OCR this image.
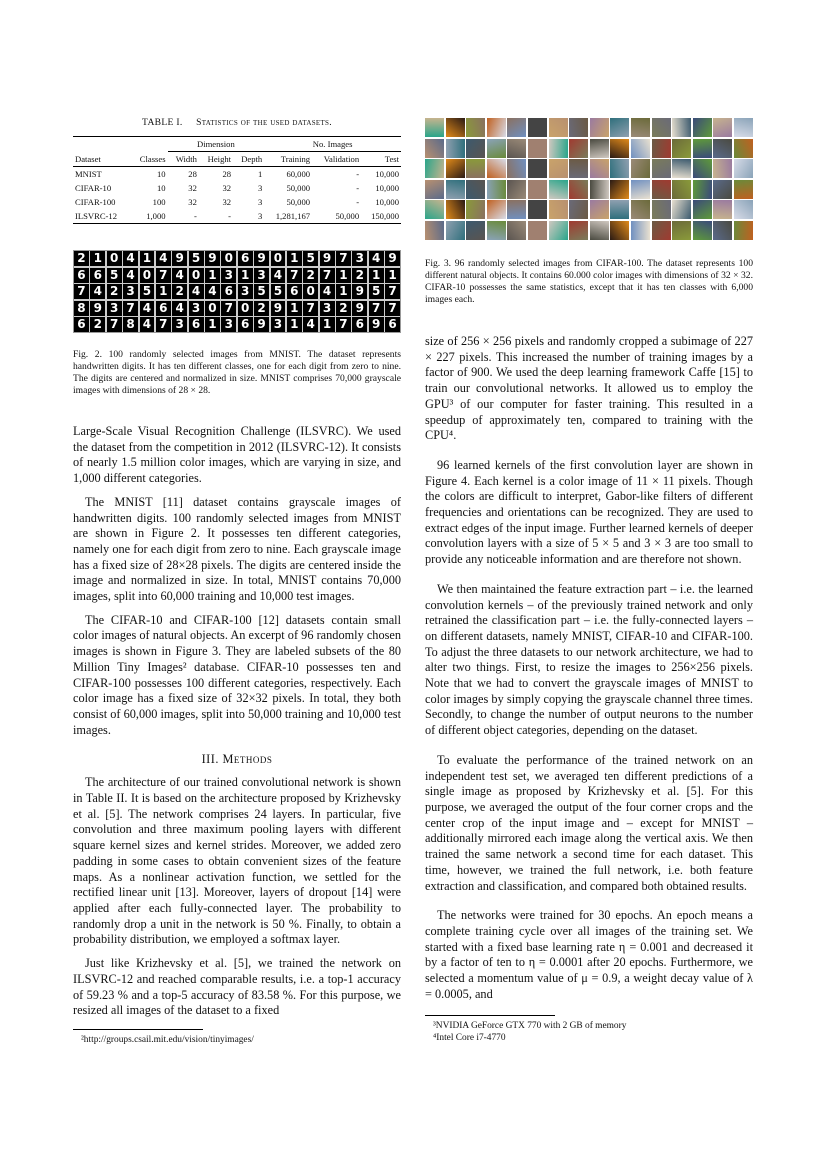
TABLE I. Statistics of the used datasets.
		Dimension			No. Images		
Dataset	Classes	Width	Height	Depth	Training	Validation	Test
MNIST	10	28	28	1	60,000	-	10,000
CIFAR-10	10	32	32	3	50,000	-	10,000
CIFAR-100	100	32	32	3	50,000	-	10,000
ILSVRC-12	1,000	-	-	3	1,281,167	50,000	150,000
2 1 0 4 1 4 9 5 9 0 6 9 0 1 5 9 7 3 4 9
6 6 5 4 0 7 4 0 1 3 1 3 4 7 2 7 1 2 1 1
7 4 2 3 5 1 2 4 4 6 3 5 5 6 0 4 1 9 5 7
8 9 3 7 4 6 4 3 0 7 0 2 9 1 7 3 2 9 7 7
6 2 7 8 4 7 3 6 1 3 6 9 3 1 4 1 7 6 9 6
Fig. 2. 100 randomly selected images from MNIST. The dataset represents handwritten digits. It has ten different classes, one for each digit from zero to nine. The digits are centered and normalized in size. MNIST comprises 70,000 grayscale images with dimensions of 28 × 28.
Large-Scale Visual Recognition Challenge (ILSVRC). We used the dataset from the competition in 2012 (ILSVRC-12). It consists of nearly 1.5 million color images, which are varying in size, and 1,000 different categories.
The MNIST [11] dataset contains grayscale images of handwritten digits. 100 randomly selected images from MNIST are shown in Figure 2. It possesses ten different categories, namely one for each digit from zero to nine. Each grayscale image has a fixed size of 28×28 pixels. The digits are centered inside the image and normalized in size. In total, MNIST contains 70,000 images, split into 60,000 training and 10,000 test images.
The CIFAR-10 and CIFAR-100 [12] datasets contain small color images of natural objects. An excerpt of 96 randomly chosen images is shown in Figure 3. They are labeled subsets of the 80 Million Tiny Images² database. CIFAR-10 possesses ten and CIFAR-100 possesses 100 different categories, respectively. Each color image has a fixed size of 32×32 pixels. In total, they both consist of 60,000 images, split into 50,000 training and 10,000 test images.
III. Methods
The architecture of our trained convolutional network is shown in Table II. It is based on the architecture proposed by Krizhevsky et al. [5]. The network comprises 24 layers. In particular, five convolution and three maximum pooling layers with different square kernel sizes and kernel strides. Moreover, we added zero padding in some cases to obtain convenient sizes of the feature maps. As a nonlinear activation function, we settled for the rectified linear unit [13]. Moreover, layers of dropout [14] were applied after each fully-connected layer. The probability to randomly drop a unit in the network is 50 %. Finally, to obtain a probability distribution, we employed a softmax layer.
Just like Krizhevsky et al. [5], we trained the network on ILSVRC-12 and reached comparable results, i.e. a top-1 accuracy of 59.23 % and a top-5 accuracy of 83.58 %. For this purpose, we resized all images of the dataset to a fixed
²http://groups.csail.mit.edu/vision/tinyimages/
Fig. 3. 96 randomly selected images from CIFAR-100. The dataset represents 100 different natural objects. It contains 60.000 color images with dimensions of 32 × 32. CIFAR-10 possesses the same statistics, except that it has ten classes with 6,000 images each.
size of 256 × 256 pixels and randomly cropped a subimage of 227 × 227 pixels. This increased the number of training images by a factor of 900. We used the deep learning framework Caffe [15] to train our convolutional networks. It allowed us to employ the GPU³ of our computer for faster training. This resulted in a speedup of approximately ten, compared to training with the CPU⁴.
96 learned kernels of the first convolution layer are shown in Figure 4. Each kernel is a color image of 11 × 11 pixels. Though the colors are difficult to interpret, Gabor-like filters of different frequencies and orientations can be recognized. They are used to extract edges of the input image. Further learned kernels of deeper convolution layers with a size of 5 × 5 and 3 × 3 are too small to provide any noticeable information and are therefore not shown.
We then maintained the feature extraction part – i.e. the learned convolution kernels – of the previously trained network and only retrained the classification part – i.e. the fully-connected layers – on different datasets, namely MNIST, CIFAR-10 and CIFAR-100. To adjust the three datasets to our network architecture, we had to alter two things. First, to resize the images to 256×256 pixels. Note that we had to convert the grayscale images of MNIST to color images by simply copying the grayscale channel three times. Secondly, to change the number of output neurons to the number of different object categories, depending on the dataset.
To evaluate the performance of the trained network on an independent test set, we averaged ten different predictions of a single image as proposed by Krizhevsky et al. [5]. For this purpose, we averaged the output of the four corner crops and the center crop of the input image and – except for MNIST – additionally mirrored each image along the vertical axis. We then trained the same network a second time for each dataset. This time, however, we trained the full network, i.e. both feature extraction and classification, and compared both obtained results.
The networks were trained for 30 epochs. An epoch means a complete training cycle over all images of the training set. We started with a fixed base learning rate η = 0.001 and decreased it by a factor of ten to η = 0.0001 after 20 epochs. Furthermore, we selected a momentum value of μ = 0.9, a weight decay value of λ = 0.0005, and
³NVIDIA GeForce GTX 770 with 2 GB of memory
⁴Intel Core i7-4770
